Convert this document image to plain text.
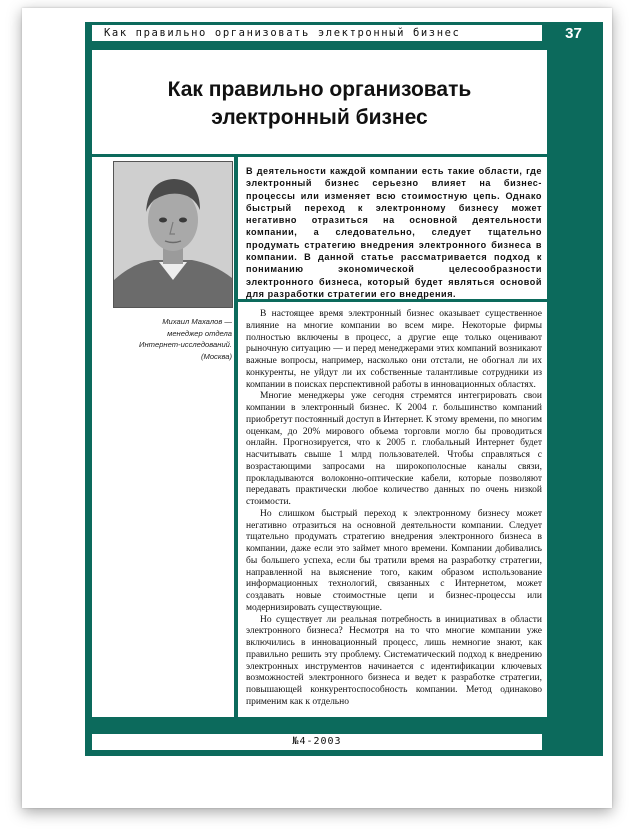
Как правильно организовать электронный бизнес	37
Как правильно организовать
электронный бизнес
Михаил Махалов —
менеджер отдела
Интернет-исследований.
(Москва)
В деятельности каждой компании есть такие области, где электронный бизнес серьезно влияет на бизнес-процессы или изменяет всю стоимостную цепь. Однако быстрый переход к электронному бизнесу может негативно отразиться на основной деятельности компании, а следовательно, следует тщательно продумать стратегию внедрения электронного бизнеса в компании. В данной статье рассматривается подход к пониманию экономической целесообразности электронного бизнеса, который будет являться основой для разработки стратегии его внедрения.

В настоящее время электронный бизнес оказывает существенное влияние на многие компании во всем мире. Некоторые фирмы полностью включены в процесс, а другие еще только оценивают рыночную ситуацию — и перед менеджерами этих компаний возникают важные вопросы, например, насколько они отстали, не обогнал ли их конкуренты, не уйдут ли их собственные талантливые сотрудники из компании в поисках перспективной работы в инновационных областях.

Многие менеджеры уже сегодня стремятся интегрировать свои компании в электронный бизнес. К 2004 г. большинство компаний приобретут постоянный доступ в Интернет. К этому времени, по многим оценкам, до 20% мирового объема торговли могло бы проводиться онлайн. Прогнозируется, что к 2005 г. глобальный Интернет будет насчитывать свыше 1 млрд пользователей. Чтобы справляться с возрастающими запросами на широкополосные каналы связи, прокладываются волоконно-оптические кабели, которые позволяют передавать практически любое количество данных по очень низкой стоимости.

Но слишком быстрый переход к электронному бизнесу может негативно отразиться на основной деятельности компании. Следует тщательно продумать стратегию внедрения электронного бизнеса в компании, даже если это займет много времени. Компании добивались бы большего успеха, если бы тратили время на разработку стратегии, направленной на выяснение того, каким образом использование информационных технологий, связанных с Интернетом, может создавать новые стоимостные цепи и бизнес-процессы или модернизировать существующие.

Но существует ли реальная потребность в инициативах в области электронного бизнеса? Несмотря на то что многие компании уже включились в инновационный процесс, лишь немногие знают, как правильно решить эту проблему. Систематический подход к внедрению электронных инструментов начинается с идентификации ключевых возможностей электронного бизнеса и ведет к разработке стратегии, повышающей конкурентоспособность компании. Метод одинаково применим как к отдельно

№4-2003
